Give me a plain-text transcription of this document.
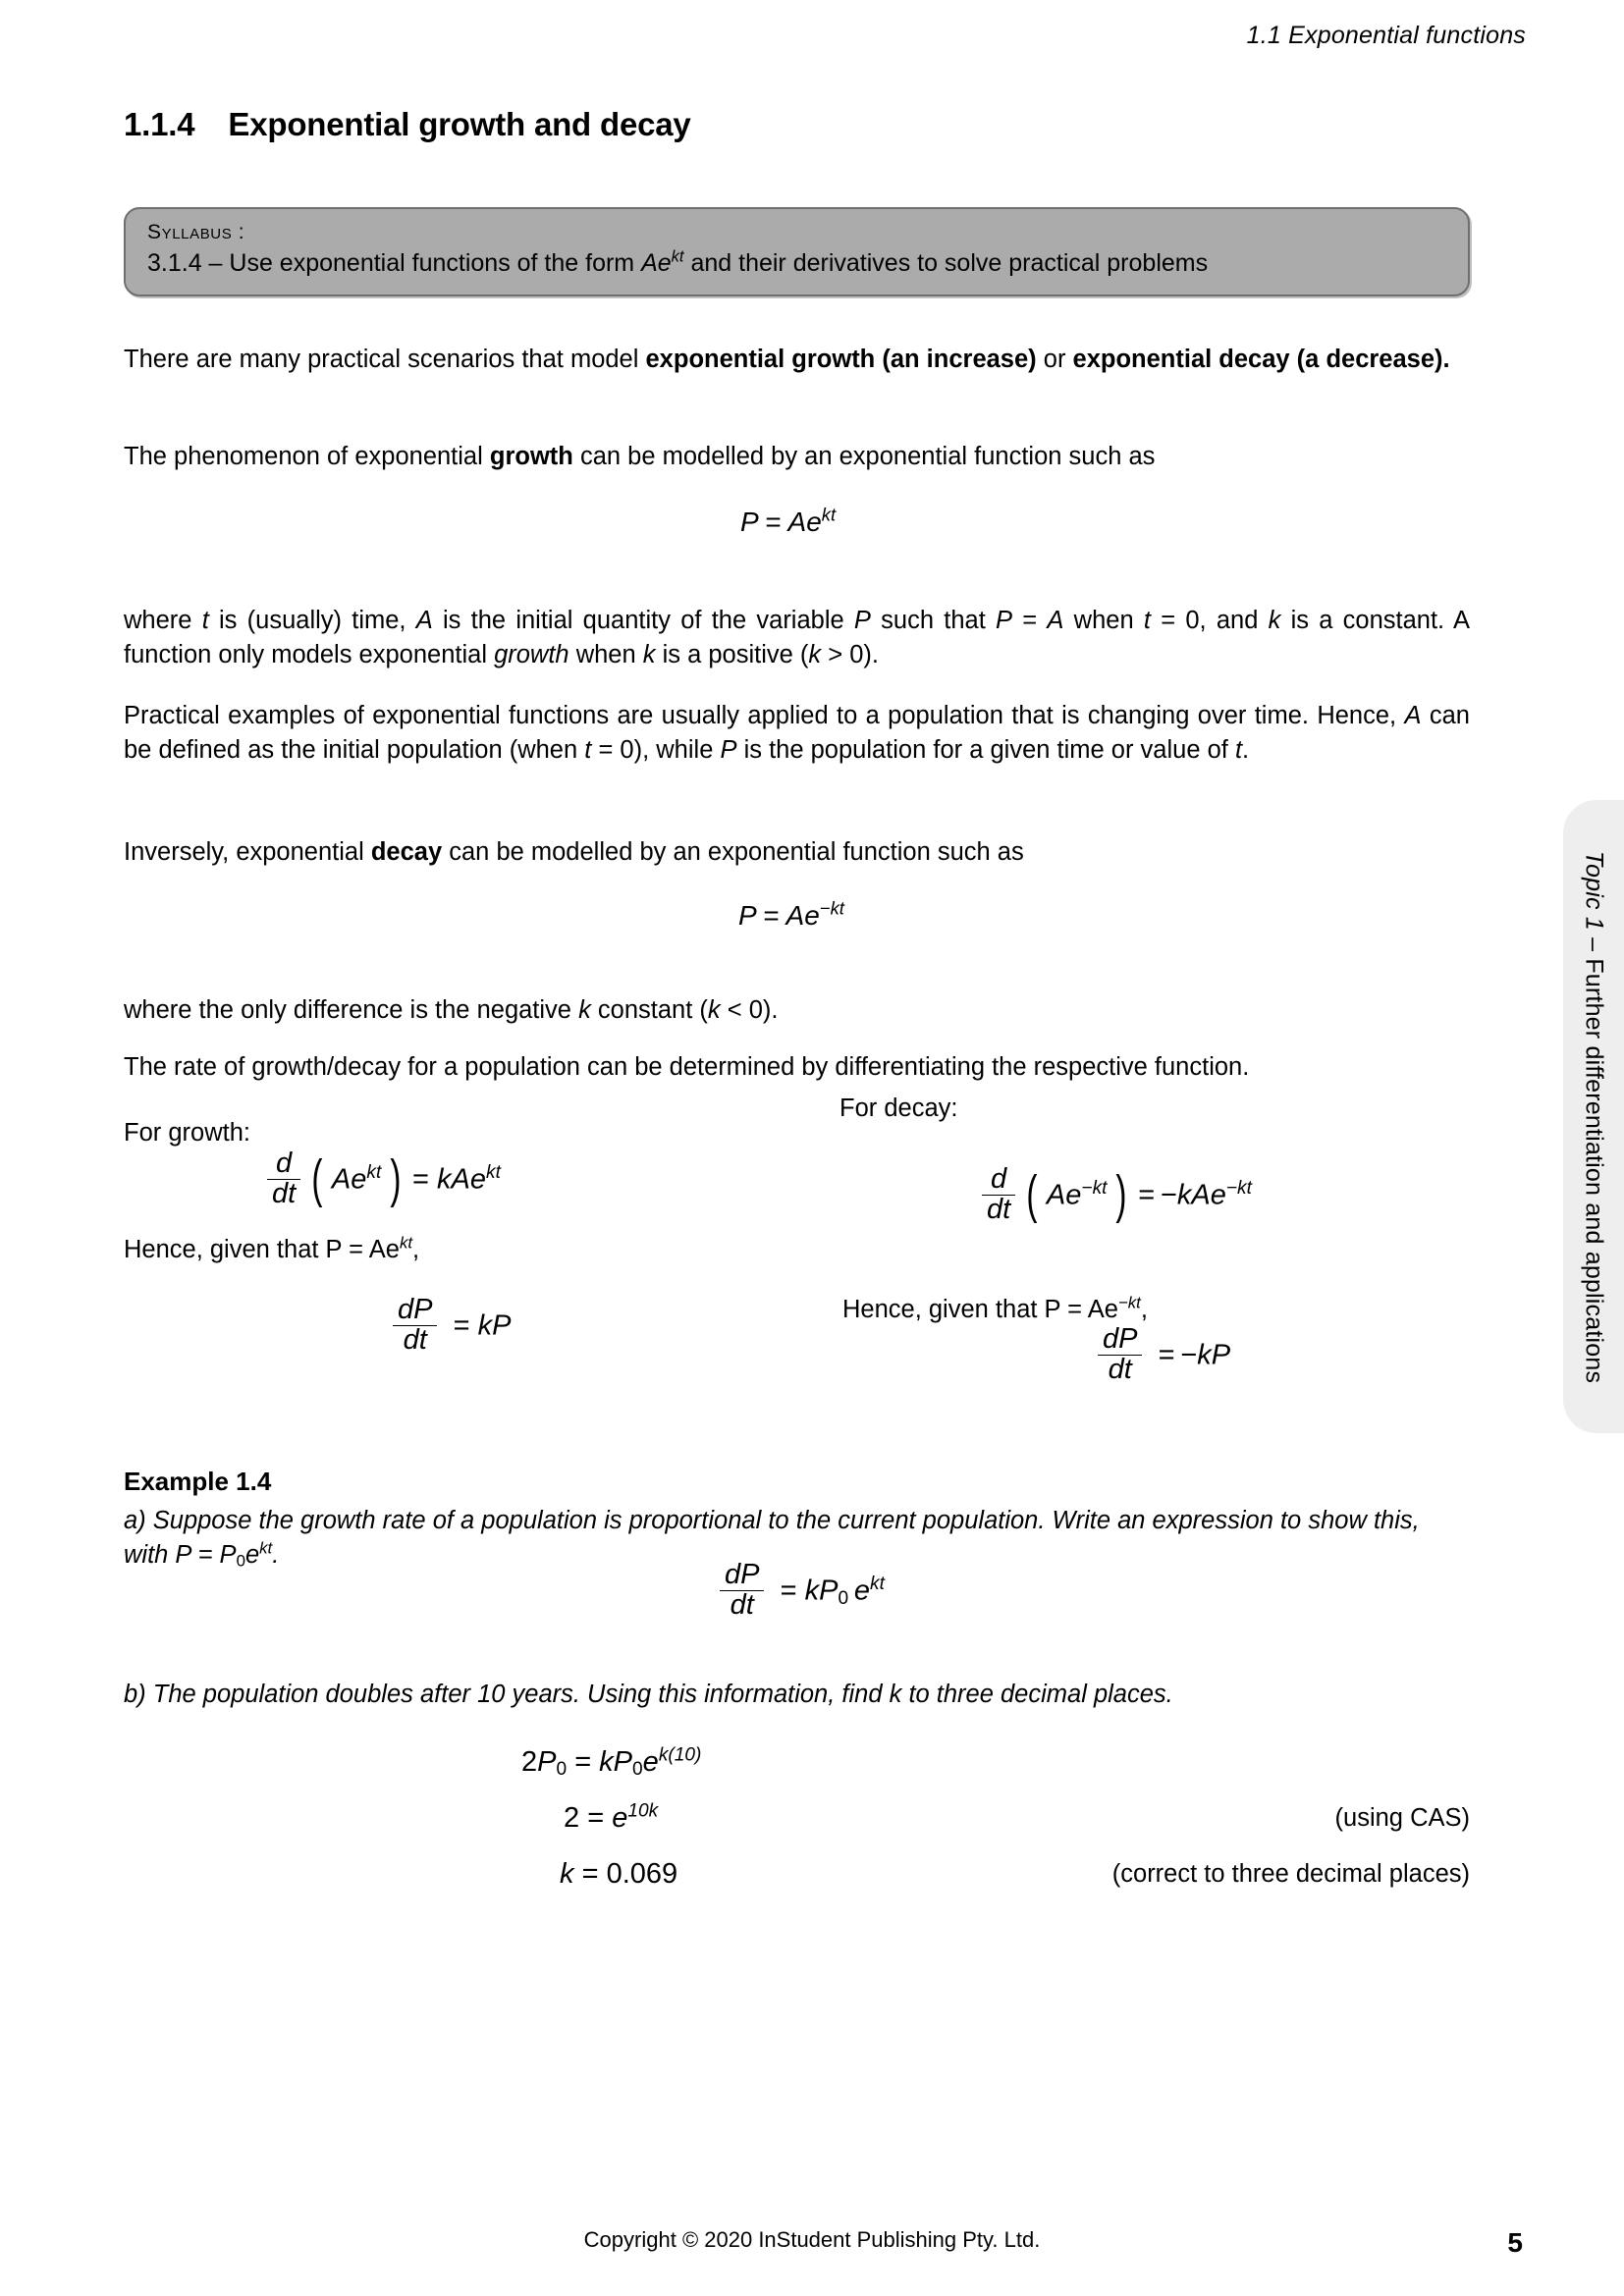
1.1 Exponential functions
1.1.4 Exponential growth and decay
Syllabus :
3.1.4 – Use exponential functions of the form $Ae^{kt}$ and their derivatives to solve practical problems
There are many practical scenarios that model exponential growth (an increase) or exponential decay (a decrease).
The phenomenon of exponential growth can be modelled by an exponential function such as
$P = Ae^{kt}$
where t is (usually) time, A is the initial quantity of the variable P such that P = A when t = 0, and k is a constant. A function only models exponential growth when k is a positive (k > 0).
Practical examples of exponential functions are usually applied to a population that is changing over time. Hence, A can be defined as the initial population (when t = 0), while P is the population for a given time or value of t.
Inversely, exponential decay can be modelled by an exponential function such as
$P = Ae^{-kt}$
where the only difference is the negative k constant (k < 0).
The rate of growth/decay for a population can be determined by differentiating the respective function.
For decay:
For growth:
$\frac{d}{dt}$ ( $Ae^{kt}$  ) = kAe$^{kt}$	$\frac{d}{dt}$ ( $Ae^{-kt}$  ) =  −kAe$^{-kt}$
Hence, given that $P = Ae^{kt}$,
Hence, given that $P = Ae^{-kt}$,
$\frac{dP}{dt}$ = kP	$\frac{dP}{dt} = -kP$
Example 1.4
a) Suppose the growth rate of a population is proportional to the current population. Write an expression to show this, with $P = P_0e^{kt}$.
$\frac{dP}{dt} = kP_0$ $e^{kt}$
b) The population doubles after 10 years. Using this information, find k to three decimal places.
$2P_0 = kP_0e^{k(10)}$
$2 = e^{10k}$
k = 0.069
(using CAS)
(correct to three decimal places)
Topic 1 – Further differentiation and applications
Copyright © 2020 InStudent Publishing Pty. Ltd.	5
